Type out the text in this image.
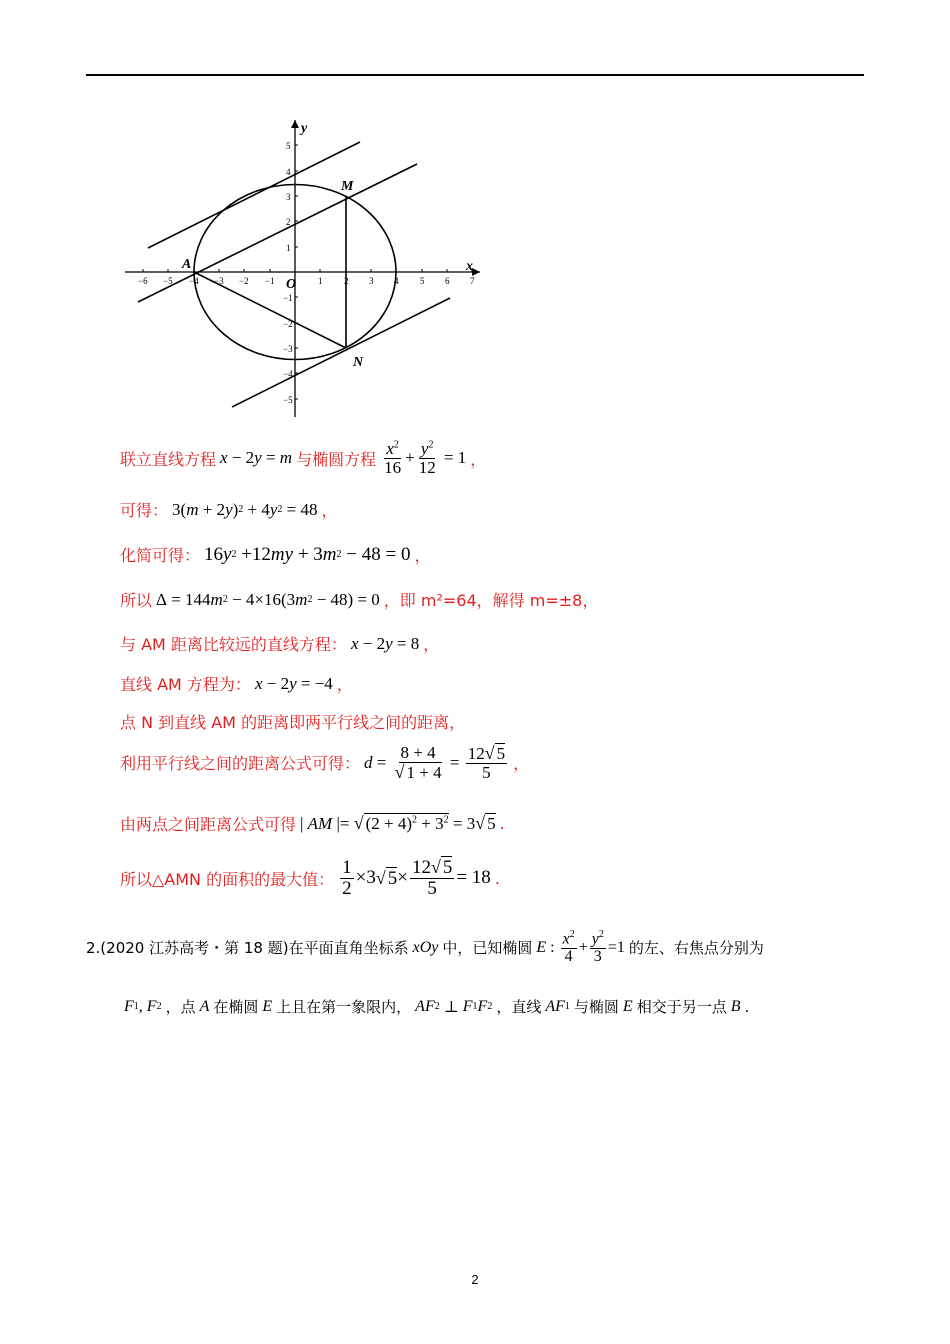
−6 −5 −4 −3 −2 −1	1 2 3 4 5 6 7
5
4
3
2
1
−1
−2
−3
−4
−5
x
y
O
A
M
N
联立直线方程 x − 2 y = m 与椭圆方程 $\frac{x^2}{16} + \frac{y^2}{12} = 1$ ，
可得： 3( m + 2 y ) 2 + 4 y 2 = 48 ，
化简可得： 16 y 2 +12 my + 3 m 2 − 48 = 0 ，
所以 Δ = 144 m 2 − 4×16(3 m 2 − 48) = 0 ，即 m²=64，解得 m=±8，
与 AM 距离比较远的直线方程： x − 2 y = 8 ，
直线 AM 方程为： x − 2 y = −4 ，
点 N 到直线 AM 的距离即两平行线之间的距离，
利用平行线之间的距离公式可得： $d = \frac{8 + 4}{√ 1 + 4} = \frac{12√ 5}{5}$ ，
由两点之间距离公式可得 | AM |= √ $(2 + 4)^2 + 3^2 = 3$ √ 5 .
所以△AMN 的面积的最大值： $\frac{1}{2} \times 3$ √ $5 \times \frac{12√ 5}{5} = 18$ .
2.(2020 江苏高考・第 18 题)在平面直角坐标系 xOy 中，已知椭圆 E : $\frac{x^2}{4} + \frac{y^2}{3} =1$ 的左、右焦点分别为
F 1 , F 2 ，点 A 在椭圆 E 上且在第一象限内， AF 2 ⊥ F 1 F 2 ，直线 AF 1 与椭圆 E 相交于另一点 B .
2
